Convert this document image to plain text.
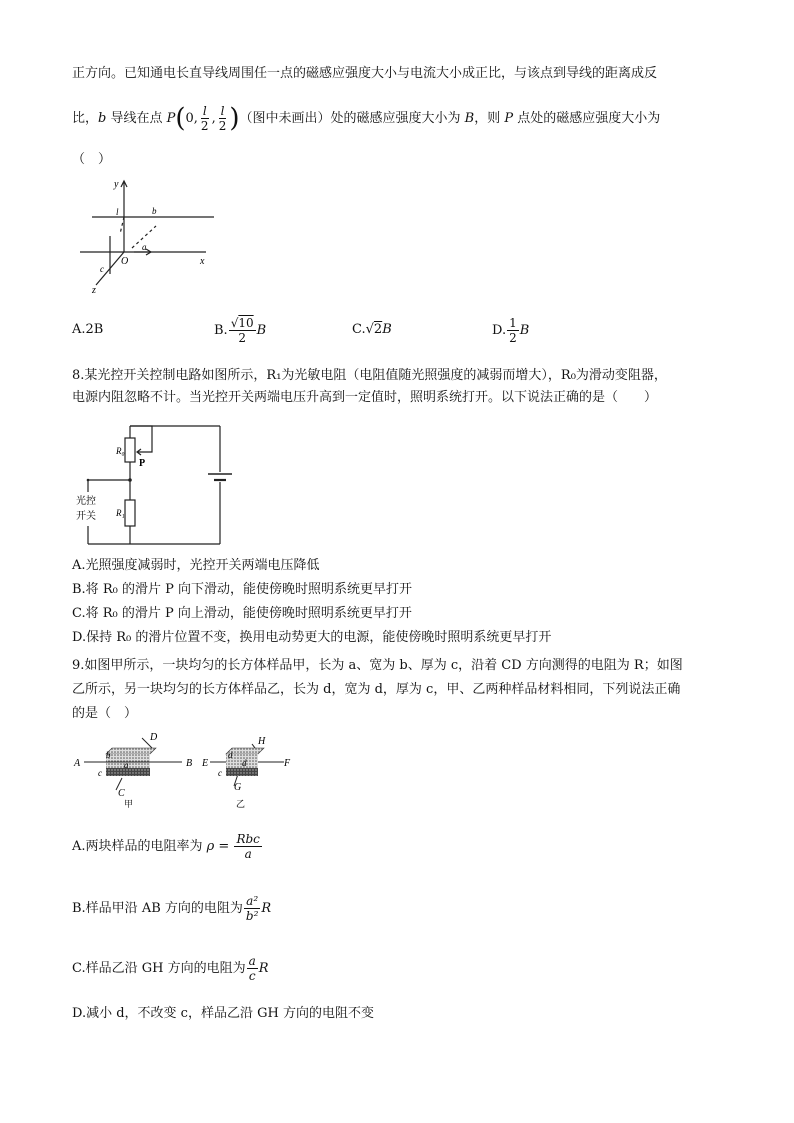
正方向。已知通电长直导线周围任一点的磁感应强度大小与电流大小成正比，与该点到导线的距离成反
比，b 导线在点 P(0, $\frac{l}{2}$ , $\frac{l}{2}$ )（图中未画出）处的磁感应强度大小为 B，则 P 点处的磁感应强度大小为
（　）
y
x
z
O
a
b
c
l
A.2B	B. $\frac{√10}{2}$ B	C.√2B	D. $\frac{1}{2}$ B
8.某光控开关控制电路如图所示，R₁为光敏电阻（电阻值随光照强度的减弱而增大），R₀为滑动变阻器，
电源内阻忽略不计。当光控开关两端电压升高到一定值时，照明系统打开。以下说法正确的是（　　）
R₀
P
R₁
光控
开关
A.光照强度减弱时，光控开关两端电压降低
B.将 R₀ 的滑片 P 向下滑动，能使傍晚时照明系统更早打开
C.将 R₀ 的滑片 P 向上滑动，能使傍晚时照明系统更早打开
D.保持 R₀ 的滑片位置不变，换用电动势更大的电源，能使傍晚时照明系统更早打开
9.如图甲所示，一块均匀的长方体样品甲，长为 a、宽为 b、厚为 c，沿着 CD 方向测得的电阻为 R；如图
乙所示，另一块均匀的长方体样品乙，长为 d，宽为 d，厚为 c，甲、乙两种样品材料相同，下列说法正确
的是（　）
A	B
C
D
b
a
c
甲
E	F
G
H
d
d
c
乙
A.两块样品的电阻率为 $\rho = \frac{\text{Rbc}}{a}$
B.样品甲沿 AB 方向的电阻为 $\frac{\text{a²}}{\text{b²}}$ R
C.样品乙沿 GH 方向的电阻为 $\frac{a}{c}$ R
D.减小 d，不改变 c，样品乙沿 GH 方向的电阻不变
